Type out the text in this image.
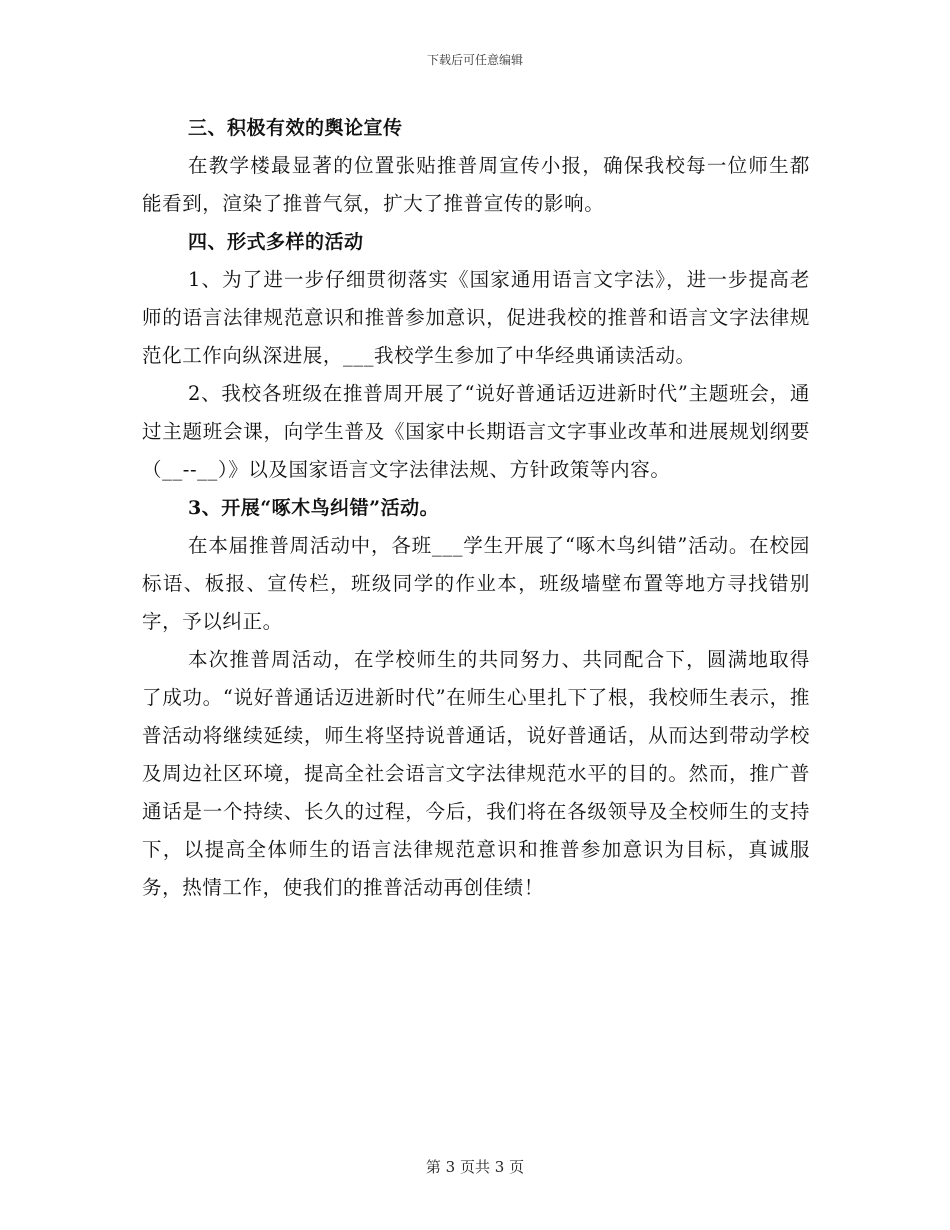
下载后可任意编辑
三、积极有效的舆论宣传

在教学楼最显著的位置张贴推普周宣传小报，确保我校每一位师生都能看到，渲染了推普气氛，扩大了推普宣传的影响。

四、形式多样的活动

1、为了进一步仔细贯彻落实《国家通用语言文字法》，进一步提高老师的语言法律规范意识和推普参加意识，促进我校的推普和语言文字法律规范化工作向纵深进展，___我校学生参加了中华经典诵读活动。

2、我校各班级在推普周开展了“说好普通话迈进新时代”主题班会，通过主题班会课，向学生普及《国家中长期语言文字事业改革和进展规划纲要（__--__）》以及国家语言文字法律法规、方针政策等内容。

3、开展“啄木鸟纠错”活动。

在本届推普周活动中，各班___学生开展了“啄木鸟纠错”活动。在校园标语、板报、宣传栏，班级同学的作业本，班级墙壁布置等地方寻找错别字，予以纠正。

本次推普周活动，在学校师生的共同努力、共同配合下，圆满地取得了成功。“说好普通话迈进新时代”在师生心里扎下了根，我校师生表示，推普活动将继续延续，师生将坚持说普通话，说好普通话，从而达到带动学校及周边社区环境，提高全社会语言文字法律规范水平的目的。然而，推广普通话是一个持续、长久的过程，今后，我们将在各级领导及全校师生的支持下，以提高全体师生的语言法律规范意识和推普参加意识为目标，真诚服务，热情工作，使我们的推普活动再创佳绩！

第 3 页共 3 页
